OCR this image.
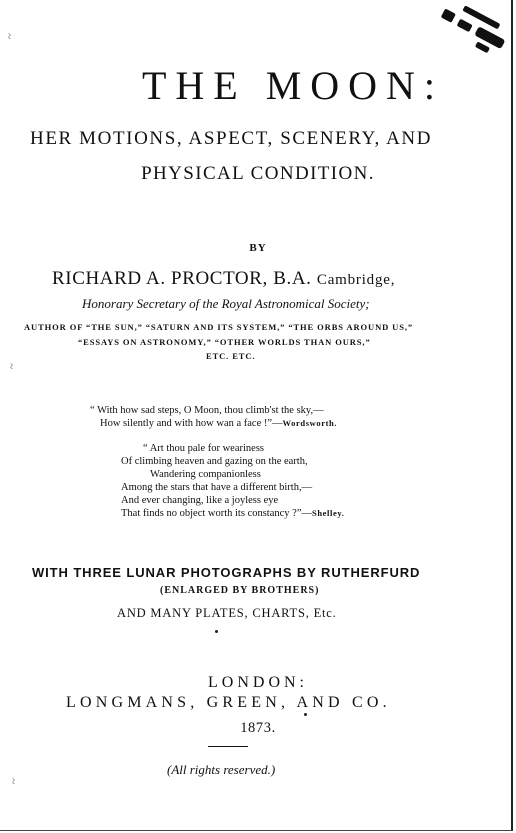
~
~
~
THE MOON:
HER MOTIONS, ASPECT, SCENERY, AND
PHYSICAL CONDITION.
BY
RICHARD A. PROCTOR, B.A. Cambridge,
Honorary Secretary of the Royal Astronomical Society;
AUTHOR OF “THE SUN,” “SATURN AND ITS SYSTEM,” “THE ORBS AROUND US,”
“ESSAYS ON ASTRONOMY,” “OTHER WORLDS THAN OURS,”
ETC. ETC.
“ With how sad steps, O Moon, thou climb'st the sky,—
How silently and with how wan a face !”—Wordsworth.
“ Art thou pale for weariness
Of climbing heaven and gazing on the earth,
Wandering companionless
Among the stars that have a different birth,—
And ever changing, like a joyless eye
That finds no object worth its constancy ?”—Shelley.
WITH THREE LUNAR PHOTOGRAPHS BY RUTHERFURD
(ENLARGED BY BROTHERS)
AND MANY PLATES, CHARTS, Etc.
LONDON:
LONGMANS, GREEN, AND CO.
1873.
(All rights reserved.)
